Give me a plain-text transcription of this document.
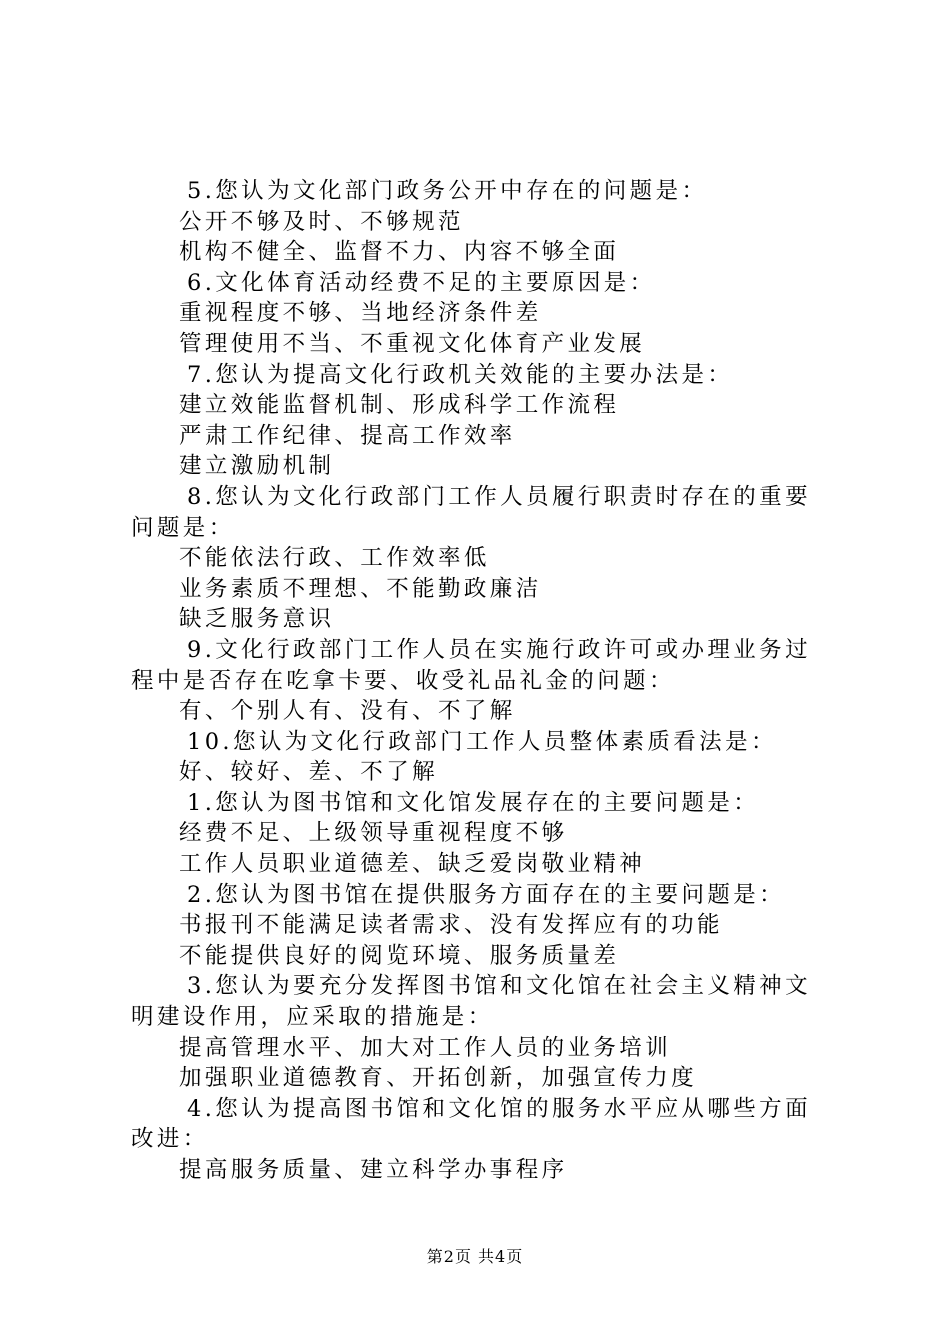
5.您认为文化部门政务公开中存在的问题是：

公开不够及时、不够规范

机构不健全、监督不力、内容不够全面

6.文化体育活动经费不足的主要原因是：

重视程度不够、当地经济条件差

管理使用不当、不重视文化体育产业发展

7.您认为提高文化行政机关效能的主要办法是：

建立效能监督机制、形成科学工作流程

严肃工作纪律、提高工作效率

建立激励机制

8.您认为文化行政部门工作人员履行职责时存在的重要问题是：

不能依法行政、工作效率低

业务素质不理想、不能勤政廉洁

缺乏服务意识

9.文化行政部门工作人员在实施行政许可或办理业务过程中是否存在吃拿卡要、收受礼品礼金的问题：

有、个别人有、没有、不了解

10.您认为文化行政部门工作人员整体素质看法是：

好、较好、差、不了解

1.您认为图书馆和文化馆发展存在的主要问题是：

经费不足、上级领导重视程度不够

工作人员职业道德差、缺乏爱岗敬业精神

2.您认为图书馆在提供服务方面存在的主要问题是：

书报刊不能满足读者需求、没有发挥应有的功能

不能提供良好的阅览环境、服务质量差

3.您认为要充分发挥图书馆和文化馆在社会主义精神文明建设作用，应采取的措施是：

提高管理水平、加大对工作人员的业务培训

加强职业道德教育、开拓创新，加强宣传力度

4.您认为提高图书馆和文化馆的服务水平应从哪些方面改进：

提高服务质量、建立科学办事程序

第2页 共4页
